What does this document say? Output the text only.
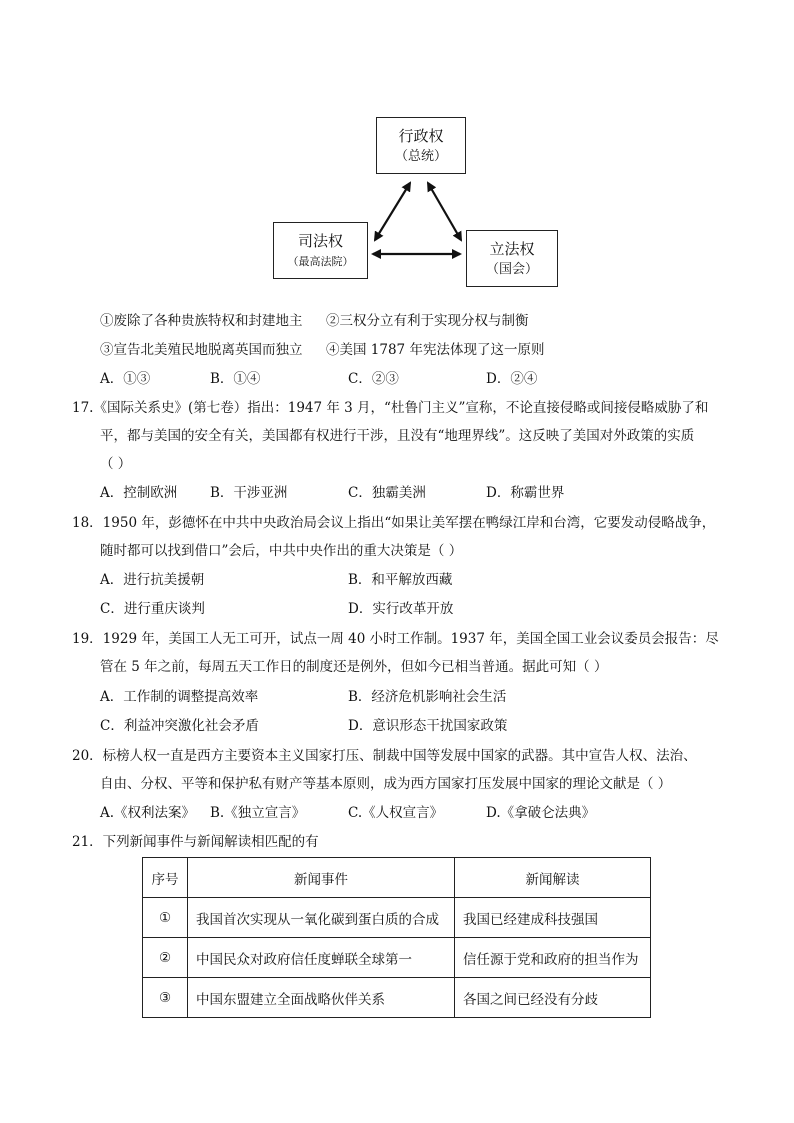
行政权
（总统）
司法权
（最高法院）
立法权
（国会）
①废除了各种贵族特权和封建地主 ②三权分立有利于实现分权与制衡
③宣告北美殖民地脱离英国而独立 ④美国 1787 年宪法体现了这一原则
A．①③	B．①④	C．②③	D．②④
17.《国际关系史》(第七卷）指出：1947 年 3 月，“杜鲁门主义”宣称，不论直接侵略或间接侵略威胁了和
平，都与美国的安全有关，美国都有权进行干涉，且没有“地理界线”。这反映了美国对外政策的实质
（ ）
A．控制欧洲 B．干涉亚洲	C．独霸美洲	D．称霸世界
18．1950 年，彭德怀在中共中央政治局会议上指出“如果让美军摆在鸭绿江岸和台湾，它要发动侵略战争，
随时都可以找到借口”会后，中共中央作出的重大决策是（ ）
A．进行抗美援朝	B．和平解放西藏
C．进行重庆谈判	D．实行改革开放
19．1929 年，美国工人无工可开，试点一周 40 小时工作制。1937 年，美国全国工业会议委员会报告：尽
管在 5 年之前，每周五天工作日的制度还是例外，但如今已相当普通。据此可知（ ）
A．工作制的调整提高效率	B．经济危机影响社会生活
C．利益冲突激化社会矛盾	D．意识形态干扰国家政策
20．标榜人权一直是西方主要资本主义国家打压、制裁中国等发展中国家的武器。其中宣告人权、法治、
自由、分权、平等和保护私有财产等基本原则，成为西方国家打压发展中国家的理论文献是（ ）
A.《权利法案》 B.《独立宣言》	C.《人权宣言》	D.《拿破仑法典》
21．下列新闻事件与新闻解读相匹配的有
序号	新闻事件	新闻解读
①	我国首次实现从一氧化碳到蛋白质的合成	我国已经建成科技强国
②	中国民众对政府信任度蝉联全球第一	信任源于党和政府的担当作为
③	中国东盟建立全面战略伙伴关系	各国之间已经没有分歧
